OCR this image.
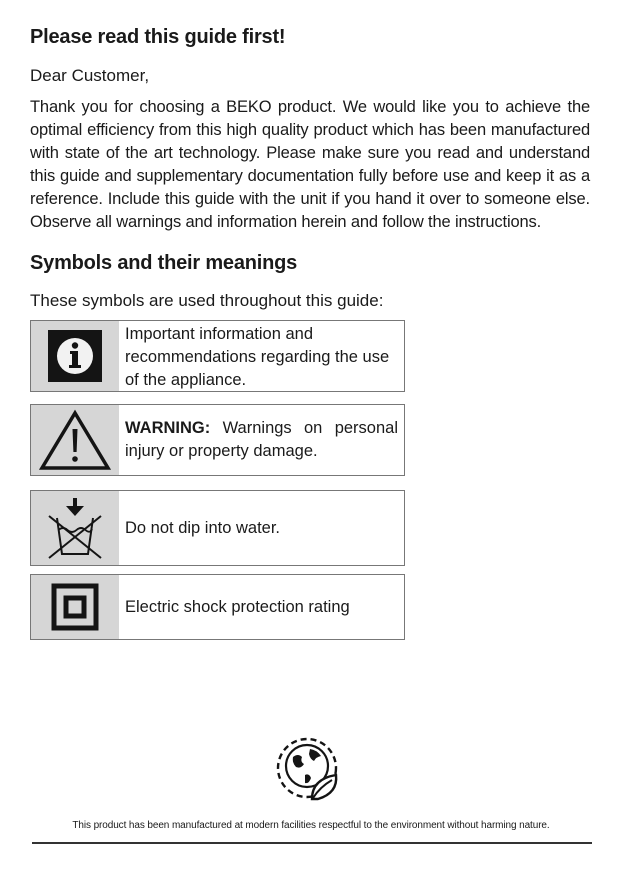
Please read this guide first!
Dear Customer,
Thank you for choosing a BEKO product. We would like you to achieve the optimal efficiency from this high quality product which has been manufactured with state of the art technology. Please make sure you read and understand this guide and supplementary documentation fully before use and keep it as a reference. Include this guide with the unit if you hand it over to someone else. Observe all warnings and information herein and follow the instructions.
Symbols and their meanings
These symbols are used throughout this guide:
Important information and recommendations regarding the use of the appliance.
WARNING: Warnings on personal injury or property damage.
Do not dip into water.
Electric shock protection rating
This product has been manufactured at modern facilities respectful to the environment without harming nature.
